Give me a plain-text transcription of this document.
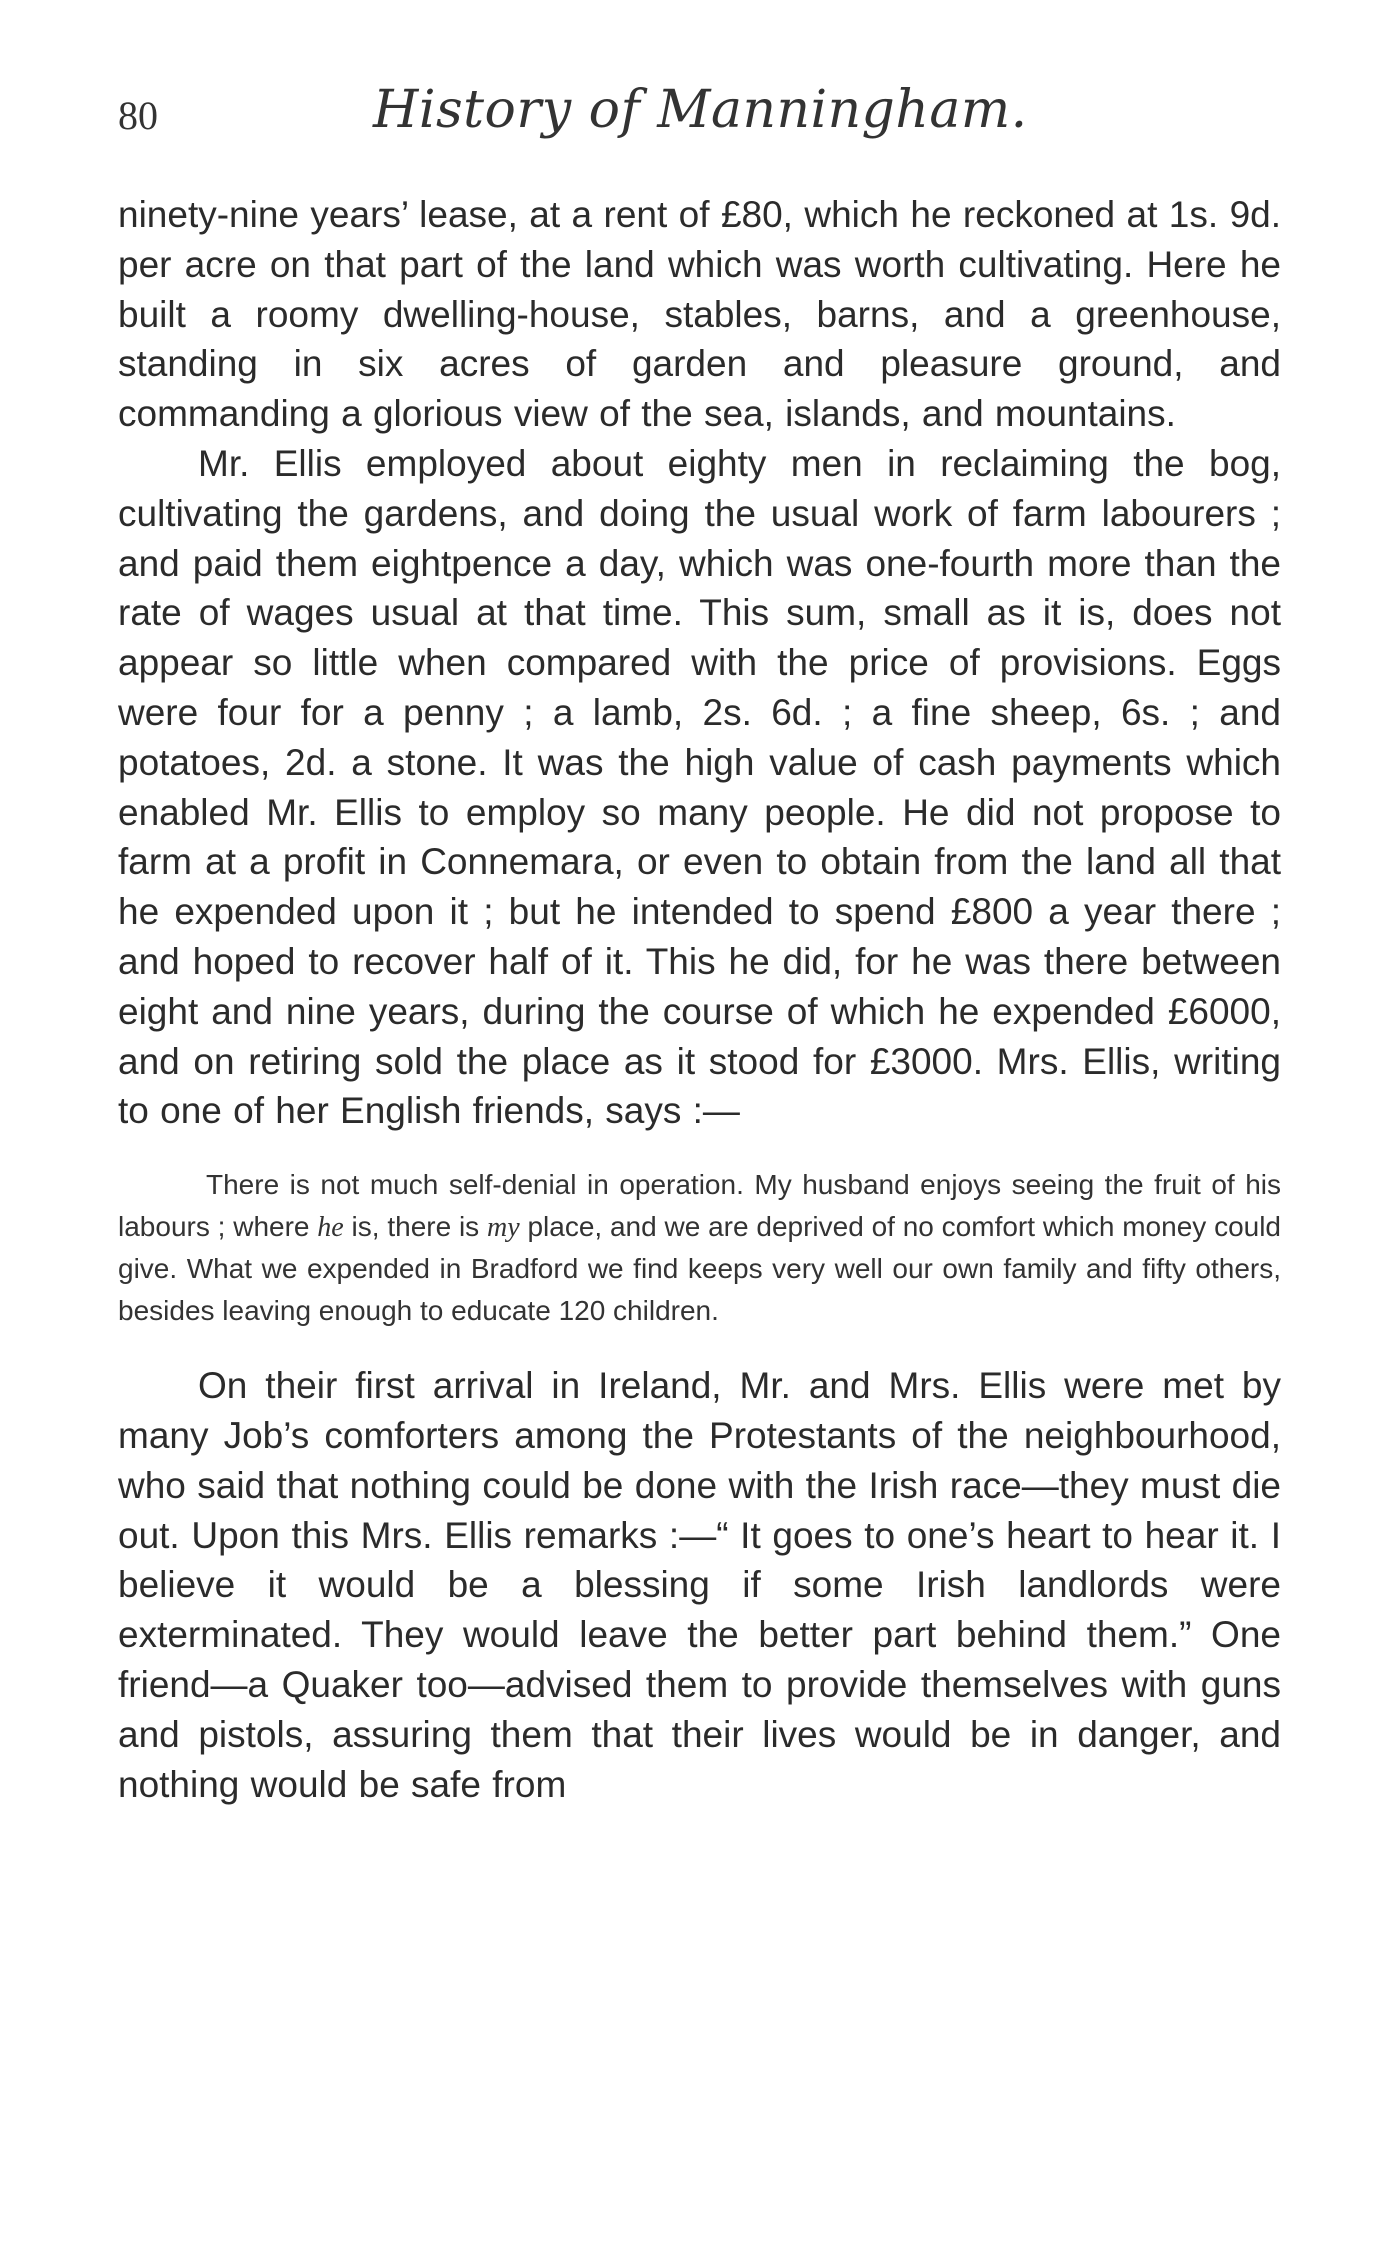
80	History of Manningham.

ninety-nine years’ lease, at a rent of £80, which he reckoned at 1s. 9d. per acre on that part of the land which was worth cultivating. Here he built a roomy dwelling-house, stables, barns, and a greenhouse, standing in six acres of garden and pleasure ground, and commanding a glorious view of the sea, islands, and mountains.

Mr. Ellis employed about eighty men in reclaiming the bog, cultivating the gardens, and doing the usual work of farm labourers ; and paid them eightpence a day, which was one-fourth more than the rate of wages usual at that time. This sum, small as it is, does not appear so little when compared with the price of provisions. Eggs were four for a penny ; a lamb, 2s. 6d. ; a fine sheep, 6s. ; and potatoes, 2d. a stone. It was the high value of cash payments which enabled Mr. Ellis to employ so many people. He did not propose to farm at a profit in Connemara, or even to obtain from the land all that he expended upon it ; but he intended to spend £800 a year there ; and hoped to recover half of it. This he did, for he was there between eight and nine years, during the course of which he expended £6000, and on retiring sold the place as it stood for £3000. Mrs. Ellis, writing to one of her English friends, says :—

There is not much self-denial in operation. My husband enjoys seeing the fruit of his labours ; where he is, there is my place, and we are deprived of no comfort which money could give. What we expended in Bradford we find keeps very well our own family and fifty others, besides leaving enough to educate 120 children.

On their first arrival in Ireland, Mr. and Mrs. Ellis were met by many Job’s comforters among the Protestants of the neighbourhood, who said that nothing could be done with the Irish race—they must die out. Upon this Mrs. Ellis remarks :—“ It goes to one’s heart to hear it. I believe it would be a blessing if some Irish landlords were exterminated. They would leave the better part behind them.” One friend—a Quaker too—advised them to provide themselves with guns and pistols, assuring them that their lives would be in danger, and nothing would be safe from
